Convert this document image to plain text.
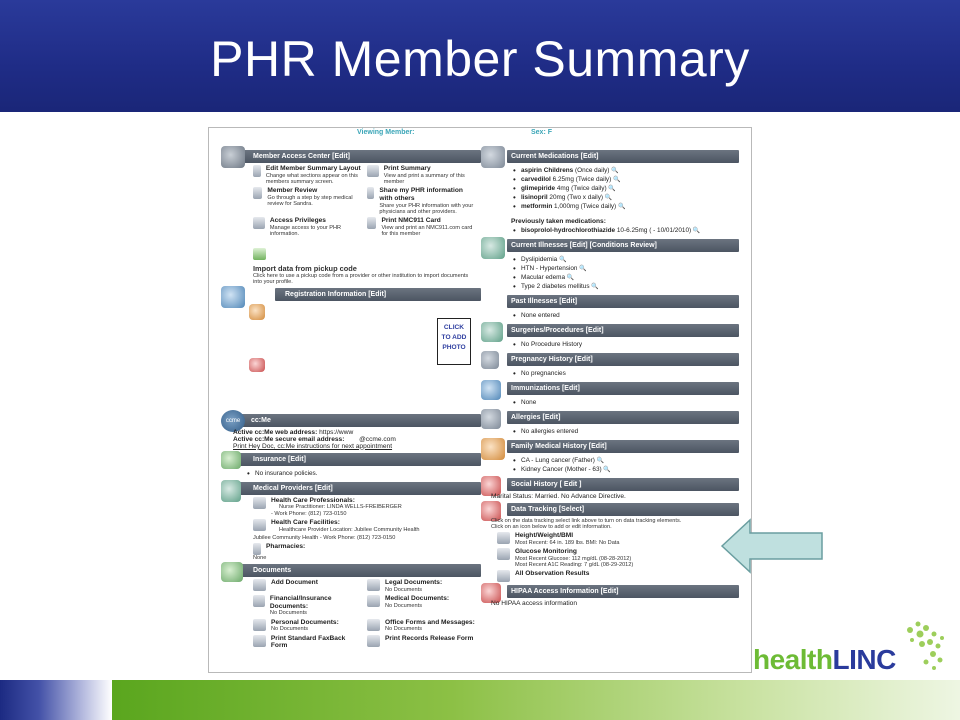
PHR Member Summary
Viewing Member:	Sex: F
Member Access Center [Edit]
Edit Member Summary Layout
Change what sections appear on this members summary screen.
Print Summary
View and print a summary of this member
Member Review
Go through a step by step medical review for Sandra.
Share my PHR information with others
Share your PHR information with your physicians and other providers.
Access Privileges
Manage access to your PHR information.
Print NMC911 Card
View and print an NMC911.com card for this member
Import data from pickup code
Click here to use a pickup code from a provider or other institution to import documents into your profile.
Registration Information [Edit]
CLICK
TO ADD
PHOTO
ccme	cc:Me
Active cc:Me web address: https://www
Active cc:Me secure email address: @ccme.com
Print Hey Doc, cc:Me instructions for next appointment
Insurance [Edit]
• No insurance policies.
Medical Providers [Edit]
Health Care Professionals:
Nurse Practitioner: LINDA WELLS-FREIBERGER
- Work Phone: (812) 723-0150
Health Care Facilities:
Healthcare Provider Location: Jubilee Community Health
Jubilee Community Health - Work Phone: (812) 723-0150
Pharmacies:
None
Documents
Add Document	Legal Documents:
No Documents
Financial/Insurance Documents:
No Documents
Medical Documents:
No Documents
Personal Documents:
No Documents
Office Forms and Messages:
No Documents
Print Standard FaxBack Form
Print Records Release Form
Current Medications [Edit]
• aspirin Childrens (Once daily) 🔍
• carvedilol 6.25mg (Twice daily) 🔍
• glimepiride 4mg (Twice daily) 🔍
• lisinopril 20mg (Two x daily) 🔍
• metformin 1,000mg (Twice daily) 🔍
Previously taken medications:
• bisoprolol-hydrochlorothiazide 10-6.25mg ( - 10/01/2010) 🔍
Current Illnesses [Edit] [Conditions Review]
• Dyslipidemia 🔍
• HTN - Hypertension 🔍
• Macular edema 🔍
• Type 2 diabetes mellitus 🔍
Past Illnesses [Edit]
• None entered
Surgeries/Procedures [Edit]
• No Procedure History
Pregnancy History [Edit]
• No pregnancies
Immunizations [Edit]
• None
Allergies [Edit]
• No allergies entered
Family Medical History [Edit]
• CA - Lung cancer (Father) 🔍
• Kidney Cancer (Mother - 63) 🔍
Social History [ Edit ]
Marital Status: Married. No Advance Directive.
Data Tracking [Select]
Click on the data tracking select link above to turn on data tracking elements.
Click on an icon below to add or edit information.
Height/Weight/BMI
Most Recent: 64 in. 189 lbs. BMI: No Data
Glucose Monitoring
Most Recent Glucose: 112 mg/dL (08-28-2012)
Most Recent A1C Reading: 7 g/dL (08-29-2012)
All Observation Results
HIPAA Access Information [Edit]
No HIPAA access information
healthLINC
